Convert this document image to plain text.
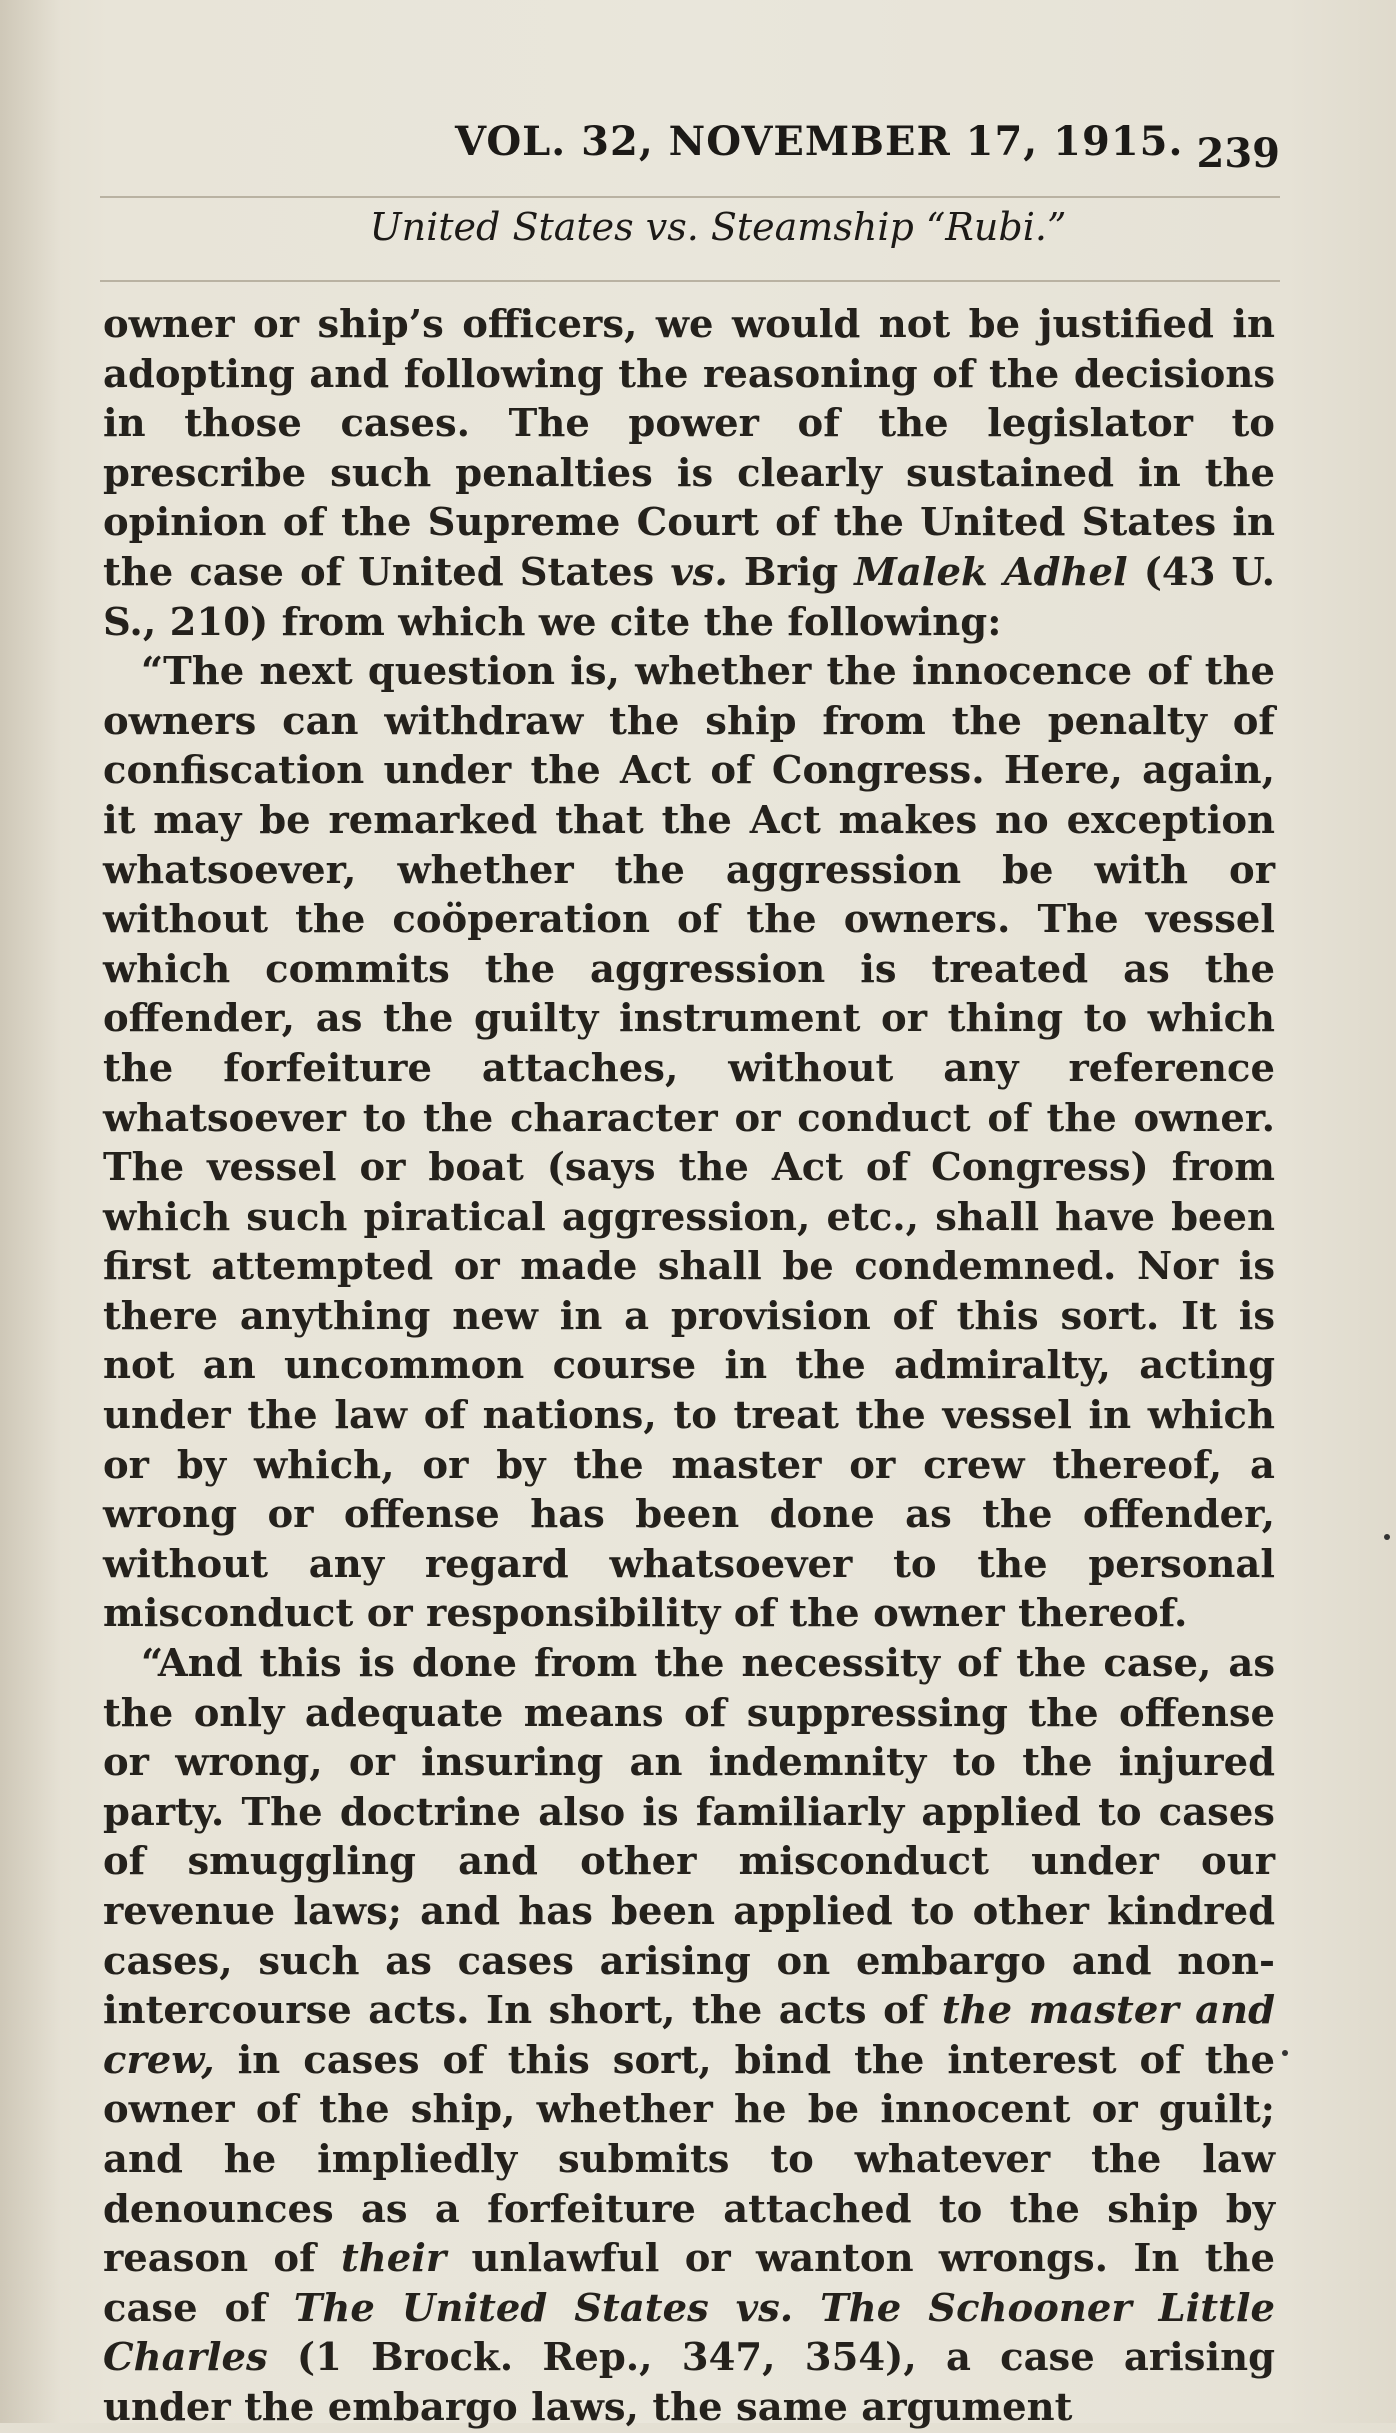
VOL. 32, NOVEMBER 17, 1915. 239
United States vs. Steamship “Rubi.”

owner or ship’s officers, we would not be justified in adopting and following the reasoning of the decisions in those cases. The power of the legislator to prescribe such penalties is clearly sustained in the opinion of the Supreme Court of the United States in the case of United States vs. Brig Malek Adhel (43 U. S., 210) from which we cite the following:

“The next question is, whether the innocence of the owners can withdraw the ship from the penalty of confiscation under the Act of Congress. Here, again, it may be remarked that the Act makes no exception whatsoever, whether the aggression be with or without the coöperation of the owners. The vessel which commits the aggression is treated as the offender, as the guilty instrument or thing to which the forfeiture attaches, without any reference whatsoever to the character or conduct of the owner. The vessel or boat (says the Act of Congress) from which such piratical aggression, etc., shall have been first attempted or made shall be condemned. Nor is there anything new in a provision of this sort. It is not an uncommon course in the admiralty, acting under the law of nations, to treat the vessel in which or by which, or by the master or crew thereof, a wrong or offense has been done as the offender, without any regard whatsoever to the personal misconduct or responsibility of the owner thereof.

“And this is done from the necessity of the case, as the only adequate means of suppressing the offense or wrong, or insuring an indemnity to the injured party. The doctrine also is familiarly applied to cases of smuggling and other misconduct under our revenue laws; and has been applied to other kindred cases, such as cases arising on embargo and non-intercourse acts. In short, the acts of the master and crew, in cases of this sort, bind the interest of the owner of the ship, whether he be innocent or guilt; and he impliedly submits to whatever the law denounces as a forfeiture attached to the ship by reason of their unlawful or wanton wrongs. In the case of The United States vs. The Schooner Little Charles (1 Brock. Rep., 347, 354), a case arising under the embargo laws, the same argument
